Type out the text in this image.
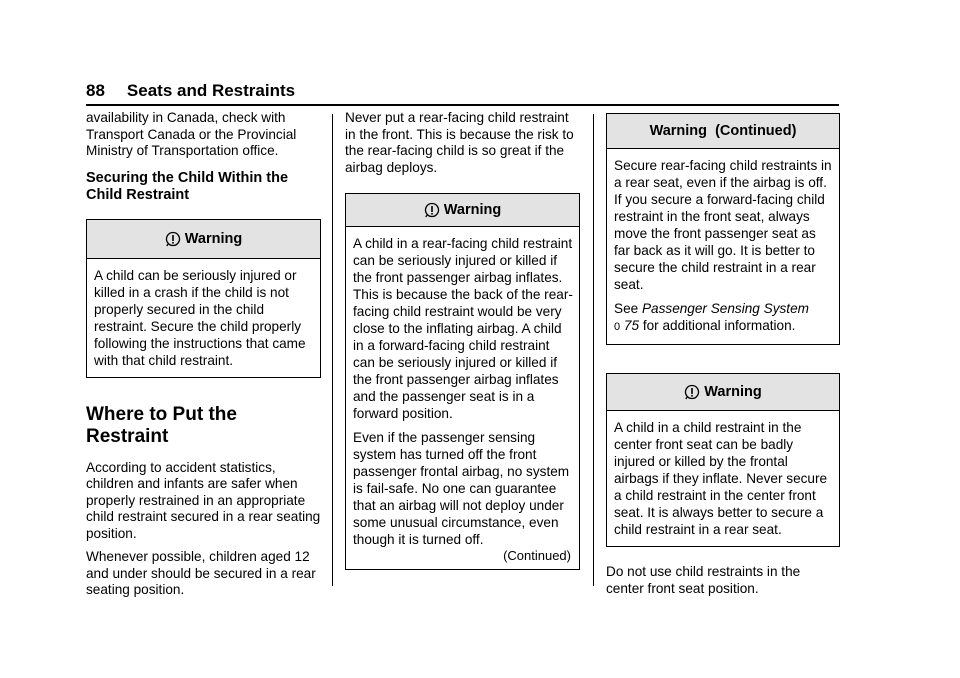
88 Seats and Restraints

availability in Canada, check with Transport Canada or the Provincial Ministry of Transportation office.

Securing the Child Within the Child Restraint
Warning

A child can be seriously injured or killed in a crash if the child is not properly secured in the child restraint. Secure the child properly following the instructions that came with that child restraint.

Where to Put the Restraint

According to accident statistics, children and infants are safer when properly restrained in an appropriate child restraint secured in a rear seating position.

Whenever possible, children aged 12 and under should be secured in a rear seating position.

Never put a rear-facing child restraint in the front. This is because the risk to the rear-facing child is so great if the airbag deploys.

Warning

A child in a rear-facing child restraint can be seriously injured or killed if the front passenger airbag inflates. This is because the back of the rear-facing child restraint would be very close to the inflating airbag. A child in a forward-facing child restraint can be seriously injured or killed if the front passenger airbag inflates and the passenger seat is in a forward position.

Even if the passenger sensing system has turned off the front passenger frontal airbag, no system is fail-safe. No one can guarantee that an airbag will not deploy under some unusual circumstance, even though it is turned off.

(Continued)
Warning  (Continued)

Secure rear-facing child restraints in a rear seat, even if the airbag is off. If you secure a forward-facing child restraint in the front seat, always move the front passenger seat as far back as it will go. It is better to secure the child restraint in a rear seat.

See Passenger Sensing System
0 75 for additional information.

Warning

A child in a child restraint in the center front seat can be badly injured or killed by the frontal airbags if they inflate. Never secure a child restraint in the center front seat. It is always better to secure a child restraint in a rear seat.

Do not use child restraints in the center front seat position.
